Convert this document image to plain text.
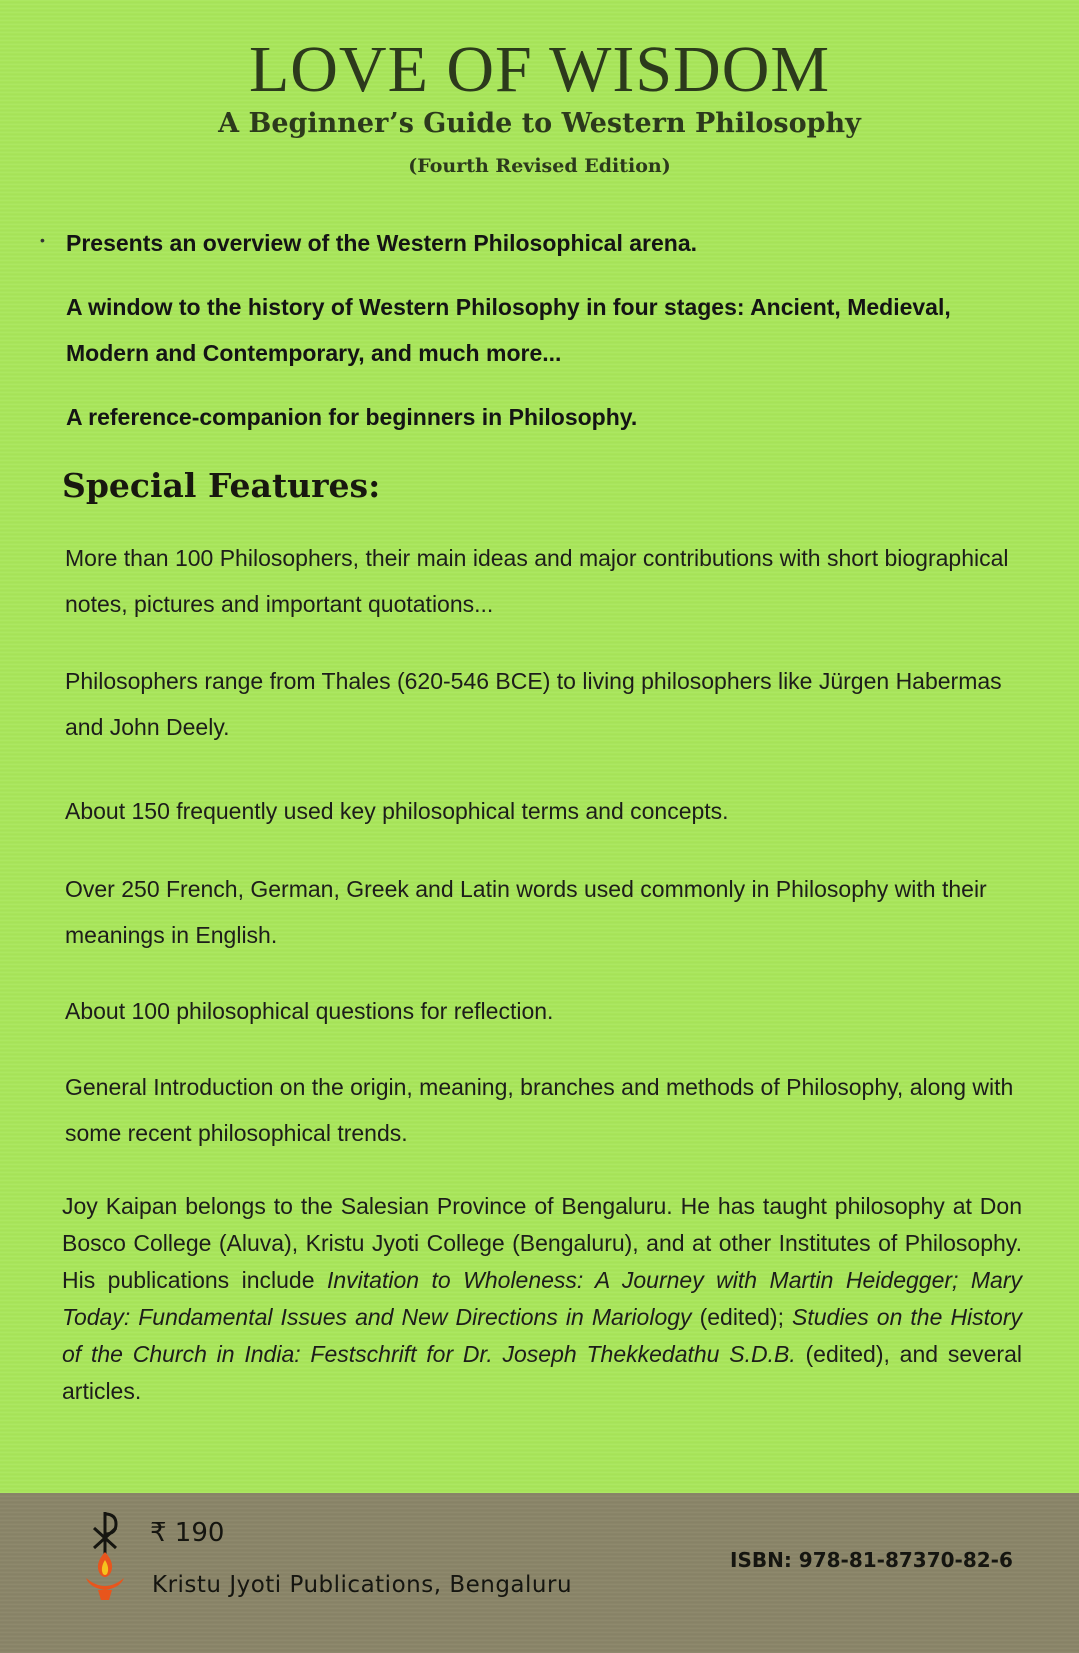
LOVE OF WISDOM
A Beginner’s Guide to Western Philosophy
(Fourth Revised Edition)
• Presents an overview of the Western Philosophical arena.
A window to the history of Western Philosophy in four stages: Ancient, Medieval, Modern and Contemporary, and much more...
A reference-companion for beginners in Philosophy.
Special Features:
More than 100 Philosophers, their main ideas and major contributions with short biographical notes, pictures and important quotations...
Philosophers range from Thales (620-546 BCE) to living philosophers like Jürgen Habermas and John Deely.
About 150 frequently used key philosophical terms and concepts.
Over 250 French, German, Greek and Latin words used commonly in Philosophy with their meanings in English.
About 100 philosophical questions for reflection.
General Introduction on the origin, meaning, branches and methods of Philosophy, along with some recent philosophical trends.
Joy Kaipan belongs to the Salesian Province of Bengaluru. He has taught philosophy at Don Bosco College (Aluva), Kristu Jyoti College (Bengaluru), and at other Institutes of Philosophy. His publications include Invitation to Wholeness: A Journey with Martin Heidegger; Mary Today: Fundamental Issues and New Directions in Mariology (edited); Studies on the History of the Church in India: Festschrift for Dr. Joseph Thekkedathu S.D.B. (edited), and several articles.
₹ 190
Kristu Jyoti Publications, Bengaluru
ISBN: 978-81-87370-82-6
